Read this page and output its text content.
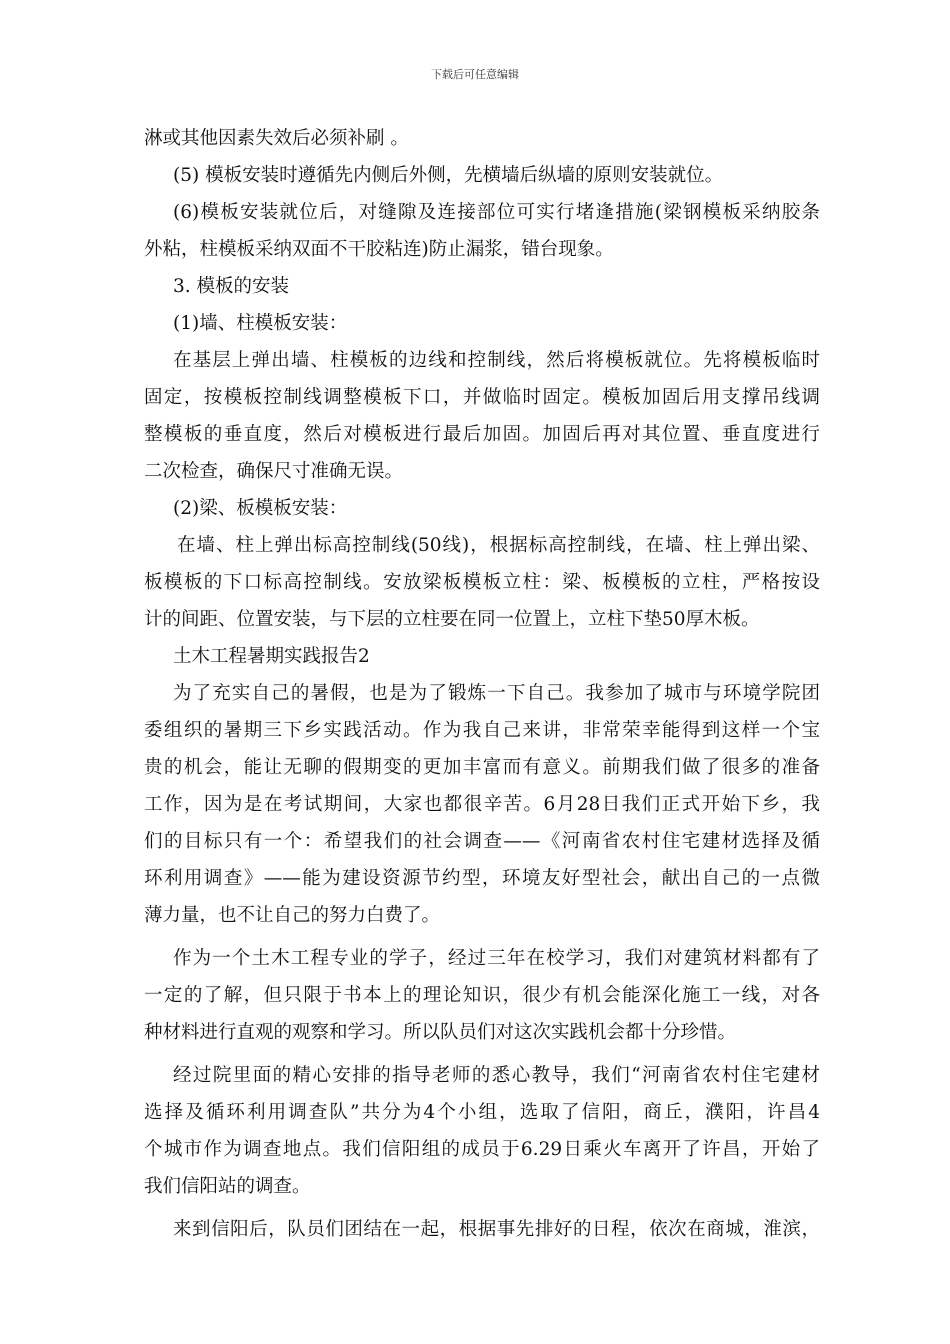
下载后可任意编辑
淋或其他因素失效后必须补刷 。
(5) 模板安装时遵循先内侧后外侧，先横墙后纵墙的原则安装就位。
(6)模板安装就位后，对缝隙及连接部位可实行堵逢措施(梁钢模板采纳胶条
外粘，柱模板采纳双面不干胶粘连)防止漏浆，错台现象。
3. 模板的安装
(1)墙、柱模板安装：
在基层上弹出墙、柱模板的边线和控制线，然后将模板就位。先将模板临时
固定，按模板控制线调整模板下口，并做临时固定。模板加固后用支撑吊线调
整模板的垂直度，然后对模板进行最后加固。加固后再对其位置、垂直度进行
二次检查，确保尺寸准确无误。
(2)梁、板模板安装：
在墙、柱上弹出标高控制线(50线)，根据标高控制线，在墙、柱上弹出梁、
板模板的下口标高控制线。安放梁板模板立柱：梁、板模板的立柱，严格按设
计的间距、位置安装，与下层的立柱要在同一位置上，立柱下垫50厚木板。
土木工程暑期实践报告2
为了充实自己的暑假，也是为了锻炼一下自己。我参加了城市与环境学院团
委组织的暑期三下乡实践活动。作为我自己来讲，非常荣幸能得到这样一个宝
贵的机会，能让无聊的假期变的更加丰富而有意义。前期我们做了很多的准备
工作，因为是在考试期间，大家也都很辛苦。6月28日我们正式开始下乡，我
们的目标只有一个：希望我们的社会调查——《河南省农村住宅建材选择及循
环利用调查》——能为建设资源节约型，环境友好型社会，献出自己的一点微
薄力量，也不让自己的努力白费了。
作为一个土木工程专业的学子，经过三年在校学习，我们对建筑材料都有了
一定的了解，但只限于书本上的理论知识，很少有机会能深化施工一线，对各
种材料进行直观的观察和学习。所以队员们对这次实践机会都十分珍惜。
经过院里面的精心安排的指导老师的悉心教导，我们“河南省农村住宅建材
选择及循环利用调查队”共分为4个小组，选取了信阳，商丘，濮阳，许昌4
个城市作为调查地点。我们信阳组的成员于6.29日乘火车离开了许昌，开始了
我们信阳站的调查。
来到信阳后，队员们团结在一起，根据事先排好的日程，依次在商城，淮滨，
